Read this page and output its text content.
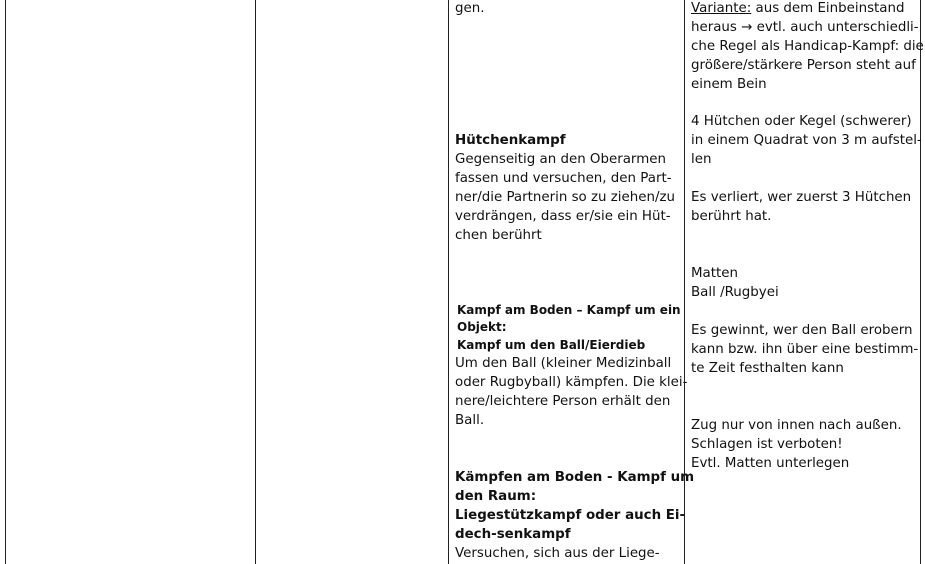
gen.
Hütchenkampf
Gegenseitig an den Oberarmen
fassen und versuchen, den Part-
ner/die Partnerin so zu ziehen/zu
verdrängen, dass er/sie ein Hüt-
chen berührt
Kampf am Boden – Kampf um ein
Objekt:
Kampf um den Ball/Eierdieb
Um den Ball (kleiner Medizinball
oder Rugbyball) kämpfen. Die klei-
nere/leichtere Person erhält den
Ball.
Kämpfen am Boden - Kampf um
den Raum:
Liegestützkampf oder auch Ei-
dech-senkampf
Versuchen, sich aus der Liege-
Variante: aus dem Einbeinstand
heraus → evtl. auch unterschiedli-
che Regel als Handicap-Kampf: die
größere/stärkere Person steht auf
einem Bein
4 Hütchen oder Kegel (schwerer)
in einem Quadrat von 3 m aufstel-
len
Es verliert, wer zuerst 3 Hütchen
berührt hat.
Matten
Ball /Rugbyei
Es gewinnt, wer den Ball erobern
kann bzw. ihn über eine bestimm-
te Zeit festhalten kann
Zug nur von innen nach außen.
Schlagen ist verboten!
Evtl. Matten unterlegen
